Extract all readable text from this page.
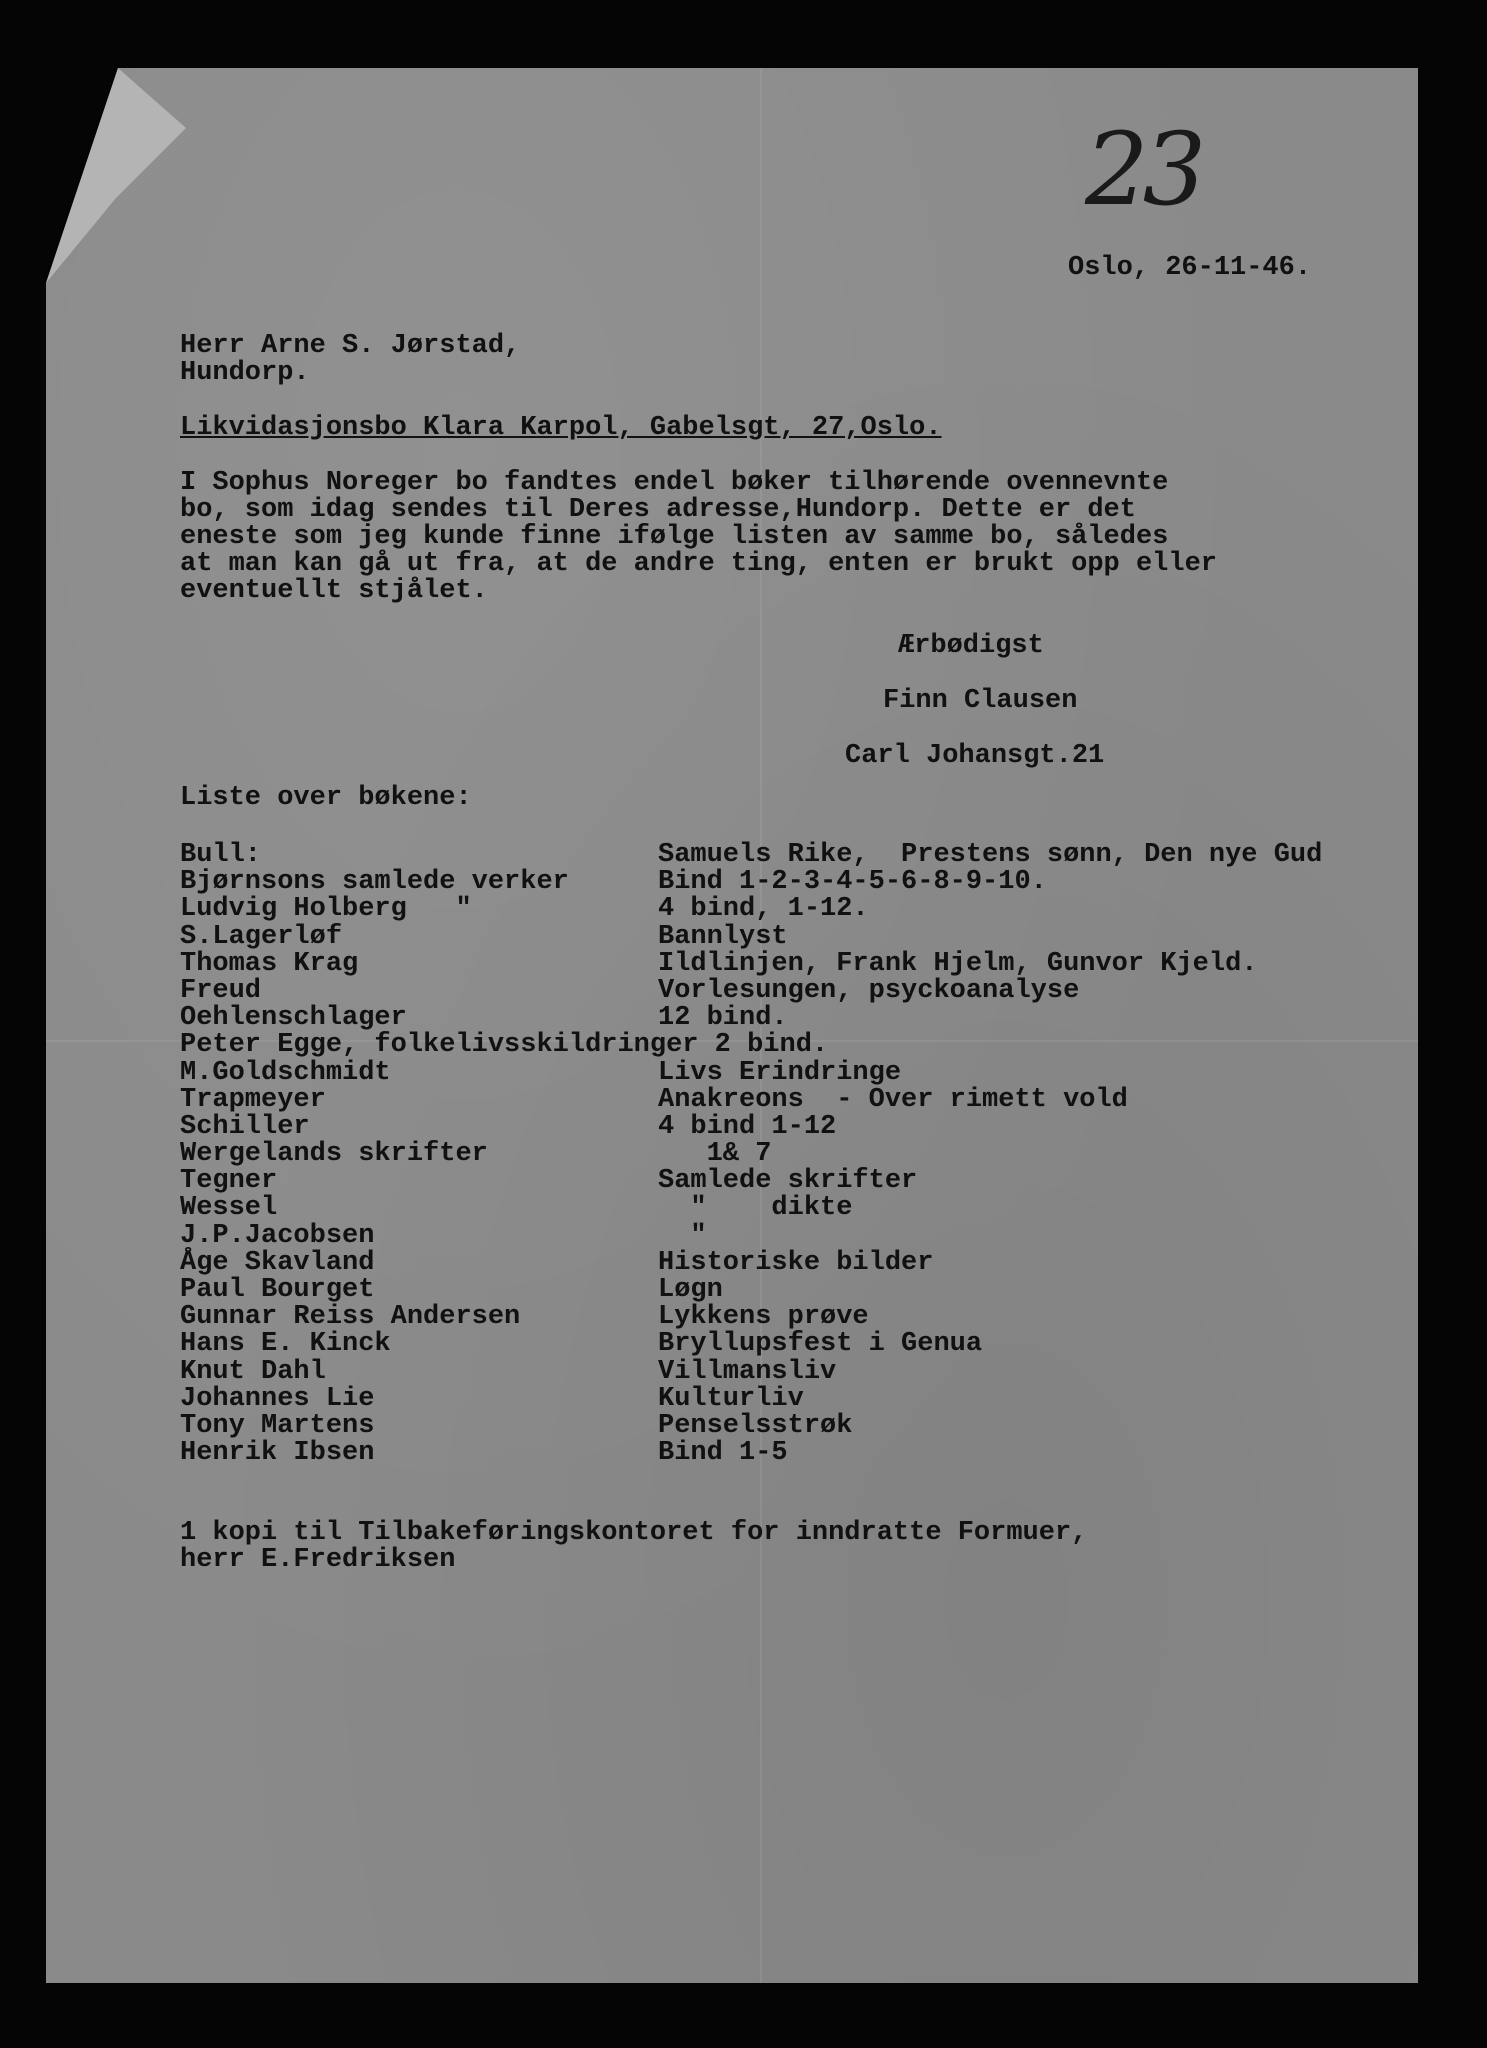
23
Oslo, 26-11-46.
Herr Arne S. Jørstad,
Hundorp.
Likvidasjonsbo Klara Karpol, Gabelsgt, 27,Oslo.
I Sophus Noreger bo fandtes endel bøker tilhørende ovennevnte
bo, som idag sendes til Deres adresse,Hundorp. Dette er det
eneste som jeg kunde finne ifølge listen av samme bo, således
at man kan gå ut fra, at de andre ting, enten er brukt opp eller
eventuellt stjålet.
Ærbødigst
Finn Clausen
Carl Johansgt.21
Liste over bøkene:
Bull:	Samuels Rike,  Prestens sønn, Den nye Gud
Bjørnsons samlede verker	Bind 1-2-3-4-5-6-8-9-10.
Ludvig Holberg   "	4 bind, 1-12.
S.Lagerløf	Bannlyst
Thomas Krag	Ildlinjen, Frank Hjelm, Gunvor Kjeld.
Freud	Vorlesungen, psyckoanalyse
Oehlenschlager	12 bind.
Peter Egge, folkelivsskildringer 2 bind.
M.Goldschmidt	Livs Erindringe
Trapmeyer	Anakreons  - Over rimett vold
Schiller	4 bind 1-12
Wergelands skrifter	1& 7
Tegner	Samlede skrifter
Wessel	"    dikte
J.P.Jacobsen	"
Åge Skavland	Historiske bilder
Paul Bourget	Løgn
Gunnar Reiss Andersen	Lykkens prøve
Hans E. Kinck	Bryllupsfest i Genua
Knut Dahl	Villmansliv
Johannes Lie	Kulturliv
Tony Martens	Penselsstrøk
Henrik Ibsen	Bind 1-5
1 kopi til Tilbakeføringskontoret for inndratte Formuer,
herr E.Fredriksen
